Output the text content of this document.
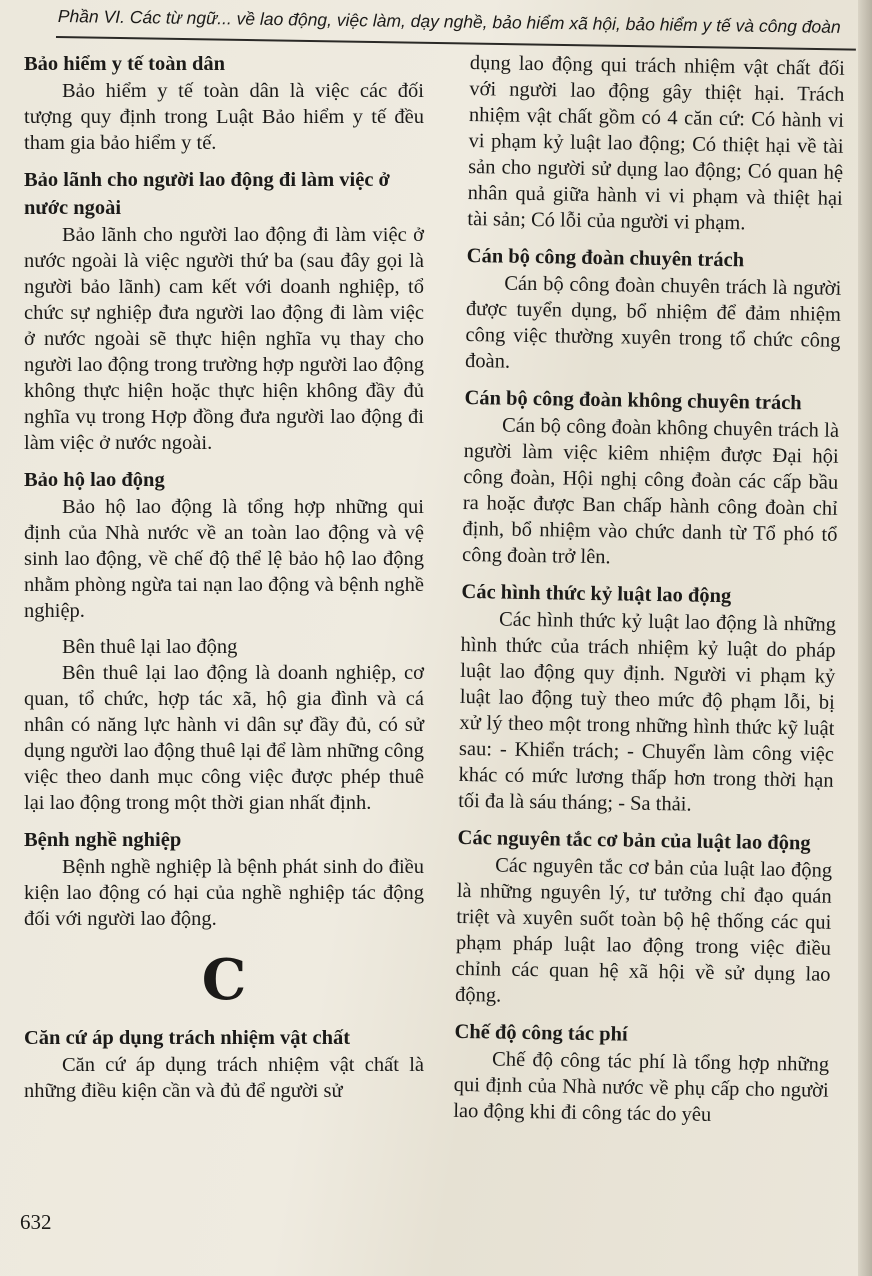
Phần VI. Các từ ngữ... về lao động, việc làm, dạy nghề, bảo hiểm xã hội, bảo hiểm y tế và công đoàn

Bảo hiểm y tế toàn dân

Bảo hiểm y tế toàn dân là việc các đối tượng quy định trong Luật Bảo hiểm y tế đều tham gia bảo hiểm y tế.

Bảo lãnh cho người lao động đi làm việc ở nước ngoài

Bảo lãnh cho người lao động đi làm việc ở nước ngoài là việc người thứ ba (sau đây gọi là người bảo lãnh) cam kết với doanh nghiệp, tổ chức sự nghiệp đưa người lao động đi làm việc ở nước ngoài sẽ thực hiện nghĩa vụ thay cho người lao động trong trường hợp người lao động không thực hiện hoặc thực hiện không đầy đủ nghĩa vụ trong Hợp đồng đưa người lao động đi làm việc ở nước ngoài.

Bảo hộ lao động

Bảo hộ lao động là tổng hợp những qui định của Nhà nước về an toàn lao động và vệ sinh lao động, về chế độ thể lệ bảo hộ lao động nhằm phòng ngừa tai nạn lao động và bệnh nghề nghiệp.

Bên thuê lại lao động

Bên thuê lại lao động là doanh nghiệp, cơ quan, tổ chức, hợp tác xã, hộ gia đình và cá nhân có năng lực hành vi dân sự đầy đủ, có sử dụng người lao động thuê lại để làm những công việc theo danh mục công việc được phép thuê lại lao động trong một thời gian nhất định.

Bệnh nghề nghiệp

Bệnh nghề nghiệp là bệnh phát sinh do điều kiện lao động có hại của nghề nghiệp tác động đối với người lao động.

C

Căn cứ áp dụng trách nhiệm vật chất

Căn cứ áp dụng trách nhiệm vật chất là những điều kiện cần và đủ để người sử

dụng lao động qui trách nhiệm vật chất đối với người lao động gây thiệt hại. Trách nhiệm vật chất gồm có 4 căn cứ: Có hành vi vi phạm kỷ luật lao động; Có thiệt hại về tài sản cho người sử dụng lao động; Có quan hệ nhân quả giữa hành vi vi phạm và thiệt hại tài sản; Có lỗi của người vi phạm.

Cán bộ công đoàn chuyên trách

Cán bộ công đoàn chuyên trách là người được tuyển dụng, bổ nhiệm để đảm nhiệm công việc thường xuyên trong tổ chức công đoàn.

Cán bộ công đoàn không chuyên trách

Cán bộ công đoàn không chuyên trách là người làm việc kiêm nhiệm được Đại hội công đoàn, Hội nghị công đoàn các cấp bầu ra hoặc được Ban chấp hành công đoàn chỉ định, bổ nhiệm vào chức danh từ Tổ phó tổ công đoàn trở lên.

Các hình thức kỷ luật lao động

Các hình thức kỷ luật lao động là những hình thức của trách nhiệm kỷ luật do pháp luật lao động quy định. Người vi phạm kỷ luật lao động tuỳ theo mức độ phạm lỗi, bị xử lý theo một trong những hình thức kỹ luật sau: - Khiển trách; - Chuyển làm công việc khác có mức lương thấp hơn trong thời hạn tối đa là sáu tháng; - Sa thải.

Các nguyên tắc cơ bản của luật lao động

Các nguyên tắc cơ bản của luật lao động là những nguyên lý, tư tưởng chỉ đạo quán triệt và xuyên suốt toàn bộ hệ thống các qui phạm pháp luật lao động trong việc điều chỉnh các quan hệ xã hội về sử dụng lao động.

Chế độ công tác phí

Chế độ công tác phí là tổng hợp những qui định của Nhà nước về phụ cấp cho người lao động khi đi công tác do yêu

632
